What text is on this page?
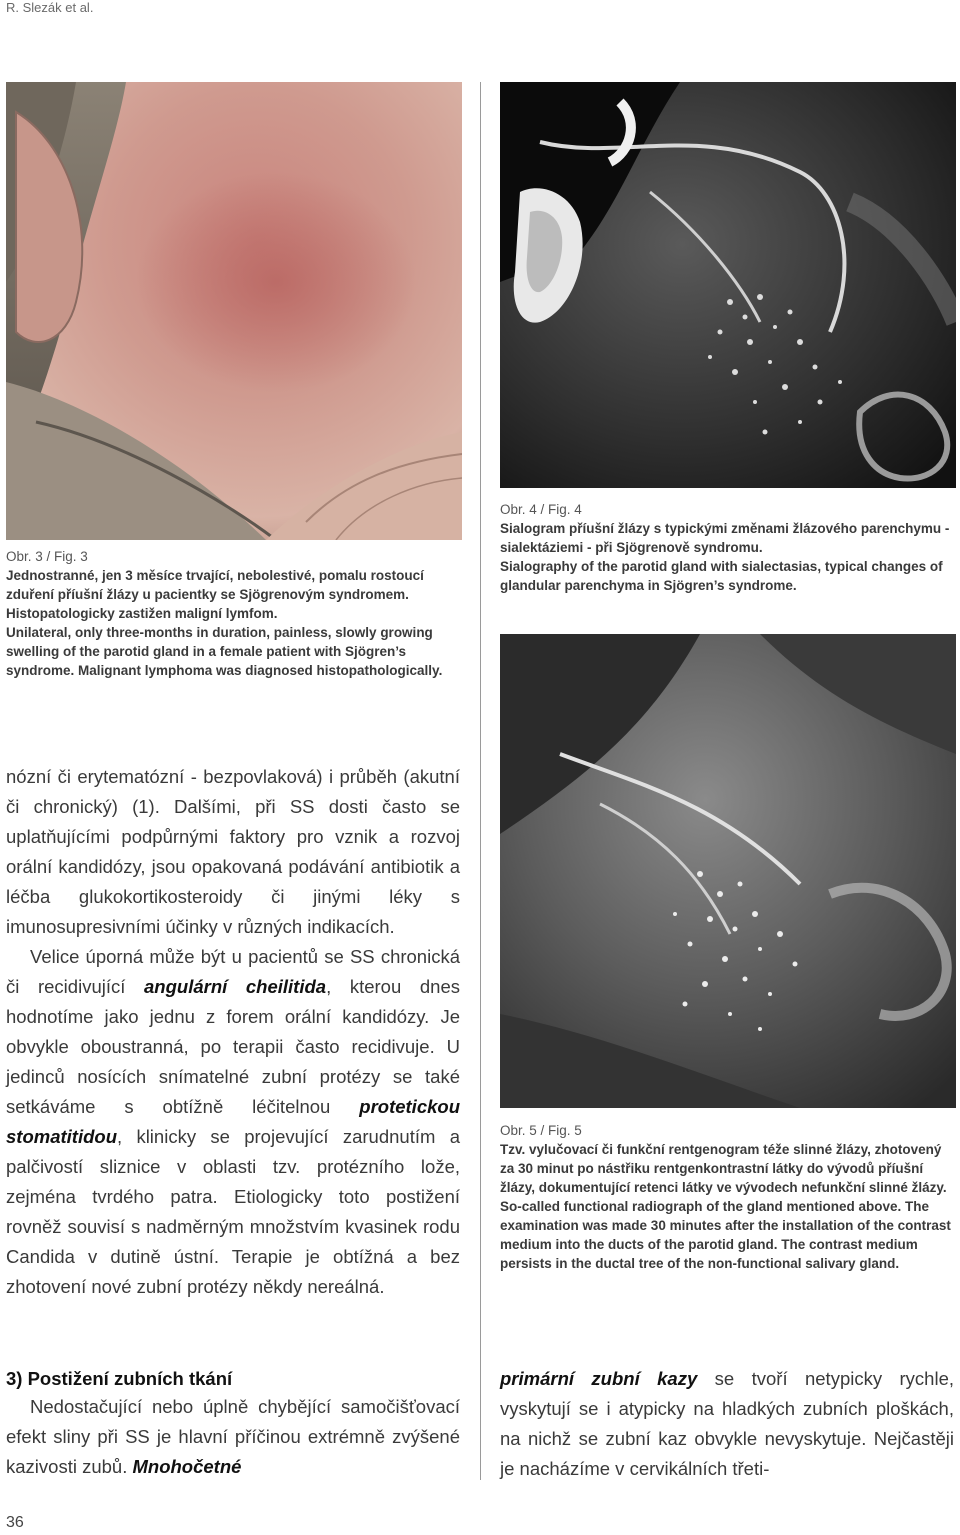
R. Slezák et al.

Obr. 3 / Fig. 3

Jednostranné, jen 3 měsíce trvající, nebolestivé, pomalu rostoucí zduření příušní žlázy u pacientky se Sjögrenovým syndromem. Histopatologicky zastižen maligní lymfom.

Unilateral, only three-months in duration, painless, slowly growing swelling of the parotid gland in a female patient with Sjögren’s syndrome. Malignant lymphoma was diagnosed histopathologically.

Obr. 4 / Fig. 4

Sialogram příušní žlázy s typickými změnami žlázového parenchymu - sialektáziemi - při Sjögrenově syndromu.

Sialography of the parotid gland with sialectasias, typical changes of glandular parenchyma in Sjögren’s syndrome.

Obr. 5 / Fig. 5

Tzv. vylučovací či funkční rentgenogram téže slinné žlázy, zhotovený za 30 minut po nástřiku rentgenkontrastní látky do vývodů příušní žlázy, dokumentující retenci látky ve vývodech nefunkční slinné žlázy.

So-called functional radiograph of the gland mentioned above. The examination was made 30 minutes after the installation of the contrast medium into the ducts of the parotid gland. The contrast medium persists in the ductal tree of the non-functional salivary gland.

nózní či erytematózní - bezpovlaková) i průběh (akutní či chronický) (1). Dalšími, při SS dosti často se uplatňujícími podpůrnými faktory pro vznik a rozvoj orální kandidózy, jsou opakovaná podávání antibiotik a léčba glukokortikosteroidy či jinými léky s imunosupresivními účinky v různých indikacích.

Velice úporná může být u pacientů se SS chronická či recidivující angulární cheilitida, kterou dnes hodnotíme jako jednu z forem orální kandidózy. Je obvykle oboustranná, po terapii často recidivuje. U jedinců nosících snímatelné zubní protézy se také setkáváme s obtížně léčitelnou protetickou stomatitidou, klinicky se projevující zarudnutím a palčivostí sliznice v oblasti tzv. protézního lože, zejména tvrdého patra. Etiologicky toto postižení rovněž souvisí s nadměrným množstvím kvasinek rodu Candida v dutině ústní. Terapie je obtížná a bez zhotovení nové zubní protézy někdy nereálná.

3) Postižení zubních tkání

Nedostačující nebo úplně chybějící samočišťovací efekt sliny při SS je hlavní příčinou extrémně zvýšené kazivosti zubů. Mnohočetné

primární zubní kazy se tvoří netypicky rychle, vyskytují se i atypicky na hladkých zubních ploškách, na nichž se zubní kaz obvykle nevyskytuje. Nejčastěji je nacházíme v cervikálních třeti-

36
